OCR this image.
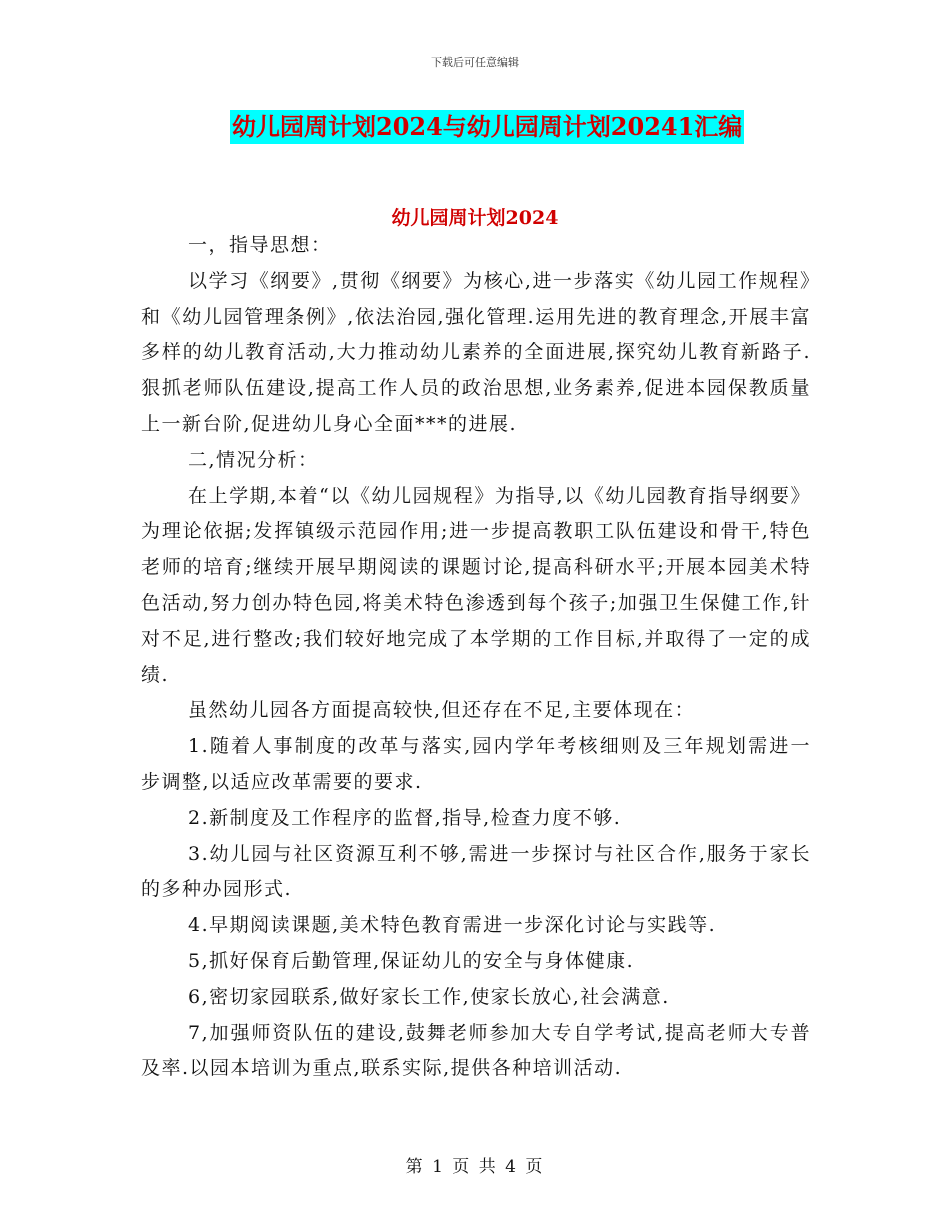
下载后可任意编辑
幼儿园周计划2024与幼儿园周计划20241汇编
幼儿园周计划2024

一，指导思想：

以学习《纲要》,贯彻《纲要》为核心,进一步落实《幼儿园工作规程》和《幼儿园管理条例》,依法治园,强化管理.运用先进的教育理念,开展丰富多样的幼儿教育活动,大力推动幼儿素养的全面进展,探究幼儿教育新路子.狠抓老师队伍建设,提高工作人员的政治思想,业务素养,促进本园保教质量上一新台阶,促进幼儿身心全面***的进展.

二,情况分析：

在上学期,本着“以《幼儿园规程》为指导,以《幼儿园教育指导纲要》为理论依据;发挥镇级示范园作用;进一步提高教职工队伍建设和骨干,特色老师的培育;继续开展早期阅读的课题讨论,提高科研水平;开展本园美术特色活动,努力创办特色园,将美术特色渗透到每个孩子;加强卫生保健工作,针对不足,进行整改;我们较好地完成了本学期的工作目标,并取得了一定的成绩.

虽然幼儿园各方面提高较快,但还存在不足,主要体现在：

1.随着人事制度的改革与落实,园内学年考核细则及三年规划需进一步调整,以适应改革需要的要求.

2.新制度及工作程序的监督,指导,检查力度不够.

3.幼儿园与社区资源互利不够,需进一步探讨与社区合作,服务于家长的多种办园形式.

4.早期阅读课题,美术特色教育需进一步深化讨论与实践等.

5,抓好保育后勤管理,保证幼儿的安全与身体健康.

6,密切家园联系,做好家长工作,使家长放心,社会满意.

7,加强师资队伍的建设,鼓舞老师参加大专自学考试,提高老师大专普及率.以园本培训为重点,联系实际,提供各种培训活动.

第 1 页 共 4 页
